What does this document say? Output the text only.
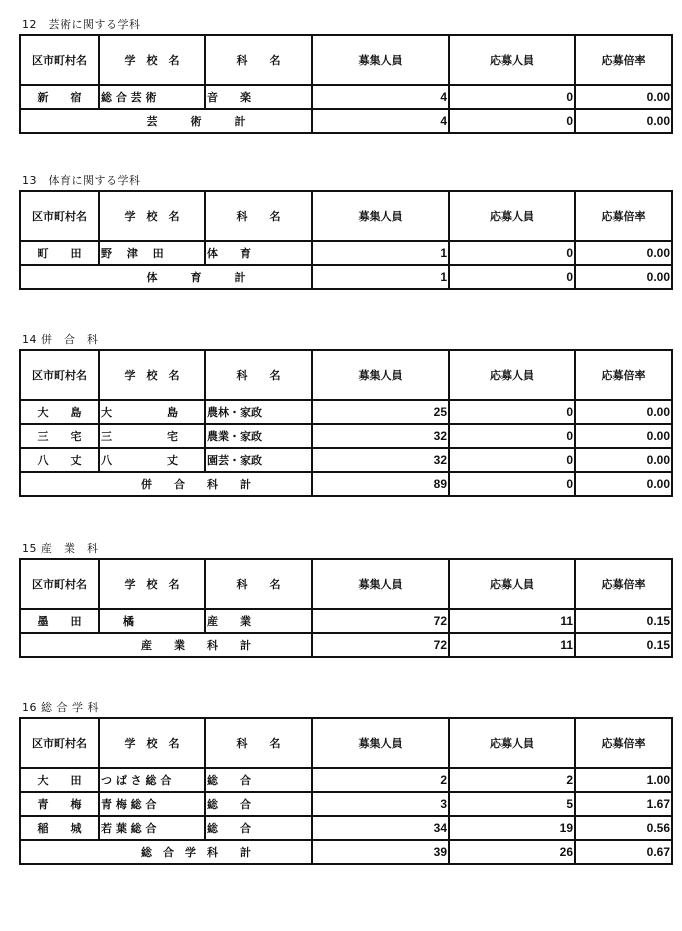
12　芸術に関する学科
区市町村名	学　校　名	科　　名	募集人員	応募人員	応募倍率
新　　宿	総 合 芸 術	音　　楽	4	0	0.00
芸　　　術　　　計			4	0	0.00
13　体育に関する学科
区市町村名	学　校　名	科　　名	募集人員	応募人員	応募倍率
町　　田	野　 津　 田	体　　育	1	0	0.00
体　　　育　　　計			1	0	0.00
14 併　合　科
区市町村名	学　校　名	科　　名	募集人員	応募人員	応募倍率
大　　島	大　　　　　島	農林・家政	25	0	0.00
三　　宅	三　　　　　宅	農業・家政	32	0	0.00
八　　丈	八　　　　　丈	園芸・家政	32	0	0.00
併　　合　　科　　計			89	0	0.00
15 産　業　科
区市町村名	学　校　名	科　　名	募集人員	応募人員	応募倍率
墨　　田	　　橘	産　　業	72	11	0.15
産　　業　　科　　計			72	11	0.15
16 総 合 学 科
区市町村名	学　校　名	科　　名	募集人員	応募人員	応募倍率
大　　田	つ ば さ 総 合	総　　合	2	2	1.00
青　　梅	青 梅 総 合	総　　合	3	5	1.67
稲　　城	若 葉 総 合	総　　合	34	19	0.56
総　合　学　科　　計			39	26	0.67
